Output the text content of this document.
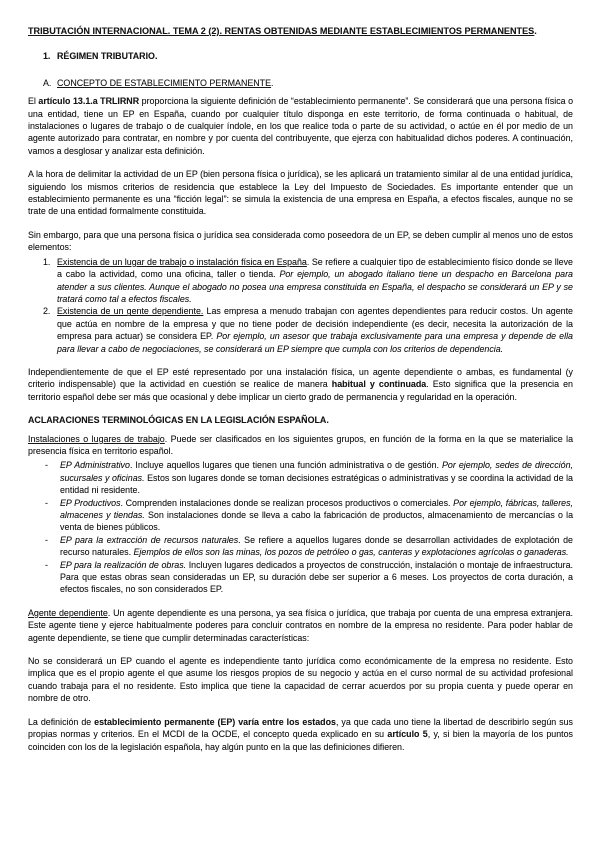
TRIBUTACIÓN INTERNACIONAL. TEMA 2 (2). RENTAS OBTENIDAS MEDIANTE ESTABLECIMIENTOS PERMANENTES.
1. RÉGIMEN TRIBUTARIO.
A. CONCEPTO DE ESTABLECIMIENTO PERMANENTE.
El artículo 13.1.a TRLIRNR proporciona la siguiente definición de “establecimiento permanente”. Se considerará que una persona física o una entidad, tiene un EP en España, cuando por cualquier título disponga en este territorio, de forma continuada o habitual, de instalaciones o lugares de trabajo o de cualquier índole, en los que realice toda o parte de su actividad, o actúe en él por medio de un agente autorizado para contratar, en nombre y por cuenta del contribuyente, que ejerza con habitualidad dichos poderes. A continuación, vamos a desglosar y analizar esta definición.
A la hora de delimitar la actividad de un EP (bien persona física o jurídica), se les aplicará un tratamiento similar al de una entidad jurídica, siguiendo los mismos criterios de residencia que establece la Ley del Impuesto de Sociedades. Es importante entender que un establecimiento permanente es una “ficción legal”: se simula la existencia de una empresa en España, a efectos fiscales, aunque no se trate de una entidad formalmente constituida.
Sin embargo, para que una persona física o jurídica sea considerada como poseedora de un EP, se deben cumplir al menos uno de estos elementos:
1. Existencia de un lugar de trabajo o instalación física en España. Se refiere a cualquier tipo de establecimiento físico donde se lleve a cabo la actividad, como una oficina, taller o tienda. Por ejemplo, un abogado italiano tiene un despacho en Barcelona para atender a sus clientes. Aunque el abogado no posea una empresa constituida en España, el despacho se considerará un EP y se tratará como tal a efectos fiscales.
2. Existencia de un gente dependiente. Las empresa a menudo trabajan con agentes dependientes para reducir costos. Un agente que actúa en nombre de la empresa y que no tiene poder de decisión independiente (es decir, necesita la autorización de la empresa para actuar) se considera EP. Por ejemplo, un asesor que trabaja exclusivamente para una empresa y depende de ella para llevar a cabo de negociaciones, se considerará un EP siempre que cumpla con los criterios de dependencia.
Independientemente de que el EP esté representado por una instalación física, un agente dependiente o ambas, es fundamental (y criterio indispensable) que la actividad en cuestión se realice de manera habitual y continuada. Esto significa que la presencia en territorio español debe ser más que ocasional y debe implicar un cierto grado de permanencia y regularidad en la operación.
ACLARACIONES TERMINOLÓGICAS EN LA LEGISLACIÓN ESPAÑOLA.
Instalaciones o lugares de trabajo. Puede ser clasificados en los siguientes grupos, en función de la forma en la que se materialice la presencia física en territorio español.
- EP Administrativo. Incluye aquellos lugares que tienen una función administrativa o de gestión. Por ejemplo, sedes de dirección, sucursales y oficinas. Estos son lugares donde se toman decisiones estratégicas o administrativas y se coordina la actividad de la entidad ni residente.
- EP Productivos. Comprenden instalaciones donde se realizan procesos productivos o comerciales. Por ejemplo, fábricas, talleres, almacenes y tiendas. Son instalaciones donde se lleva a cabo la fabricación de productos, almacenamiento de mercancías o la venta de bienes públicos.
- EP para la extracción de recursos naturales. Se refiere a aquellos lugares donde se desarrollan actividades de explotación de recurso naturales. Ejemplos de ellos son las minas, los pozos de petróleo o gas, canteras y explotaciones agrícolas o ganaderas.
- EP para la realización de obras. Incluyen lugares dedicados a proyectos de construcción, instalación o montaje de infraestructura. Para que estas obras sean consideradas un EP, su duración debe ser superior a 6 meses. Los proyectos de corta duración, a efectos fiscales, no son considerados EP.
Agente dependiente. Un agente dependiente es una persona, ya sea física o jurídica, que trabaja por cuenta de una empresa extranjera. Este agente tiene y ejerce habitualmente poderes para concluir contratos en nombre de la empresa no residente. Para poder hablar de agente dependiente, se tiene que cumplir determinadas características:
No se considerará un EP cuando el agente es independiente tanto jurídica como económicamente de la empresa no residente. Esto implica que es el propio agente el que asume los riesgos propios de su negocio y actúa en el curso normal de su actividad profesional cuando trabaja para el no residente. Esto implica que tiene la capacidad de cerrar acuerdos por su propia cuenta y puede operar en nombre de otro.
La definición de establecimiento permanente (EP) varía entre los estados, ya que cada uno tiene la libertad de describirlo según sus propias normas y criterios. En el MCDI de la OCDE, el concepto queda explicado en su artículo 5, y, si bien la mayoría de los puntos coinciden con los de la legislación española, hay algún punto en la que las definiciones difieren.
